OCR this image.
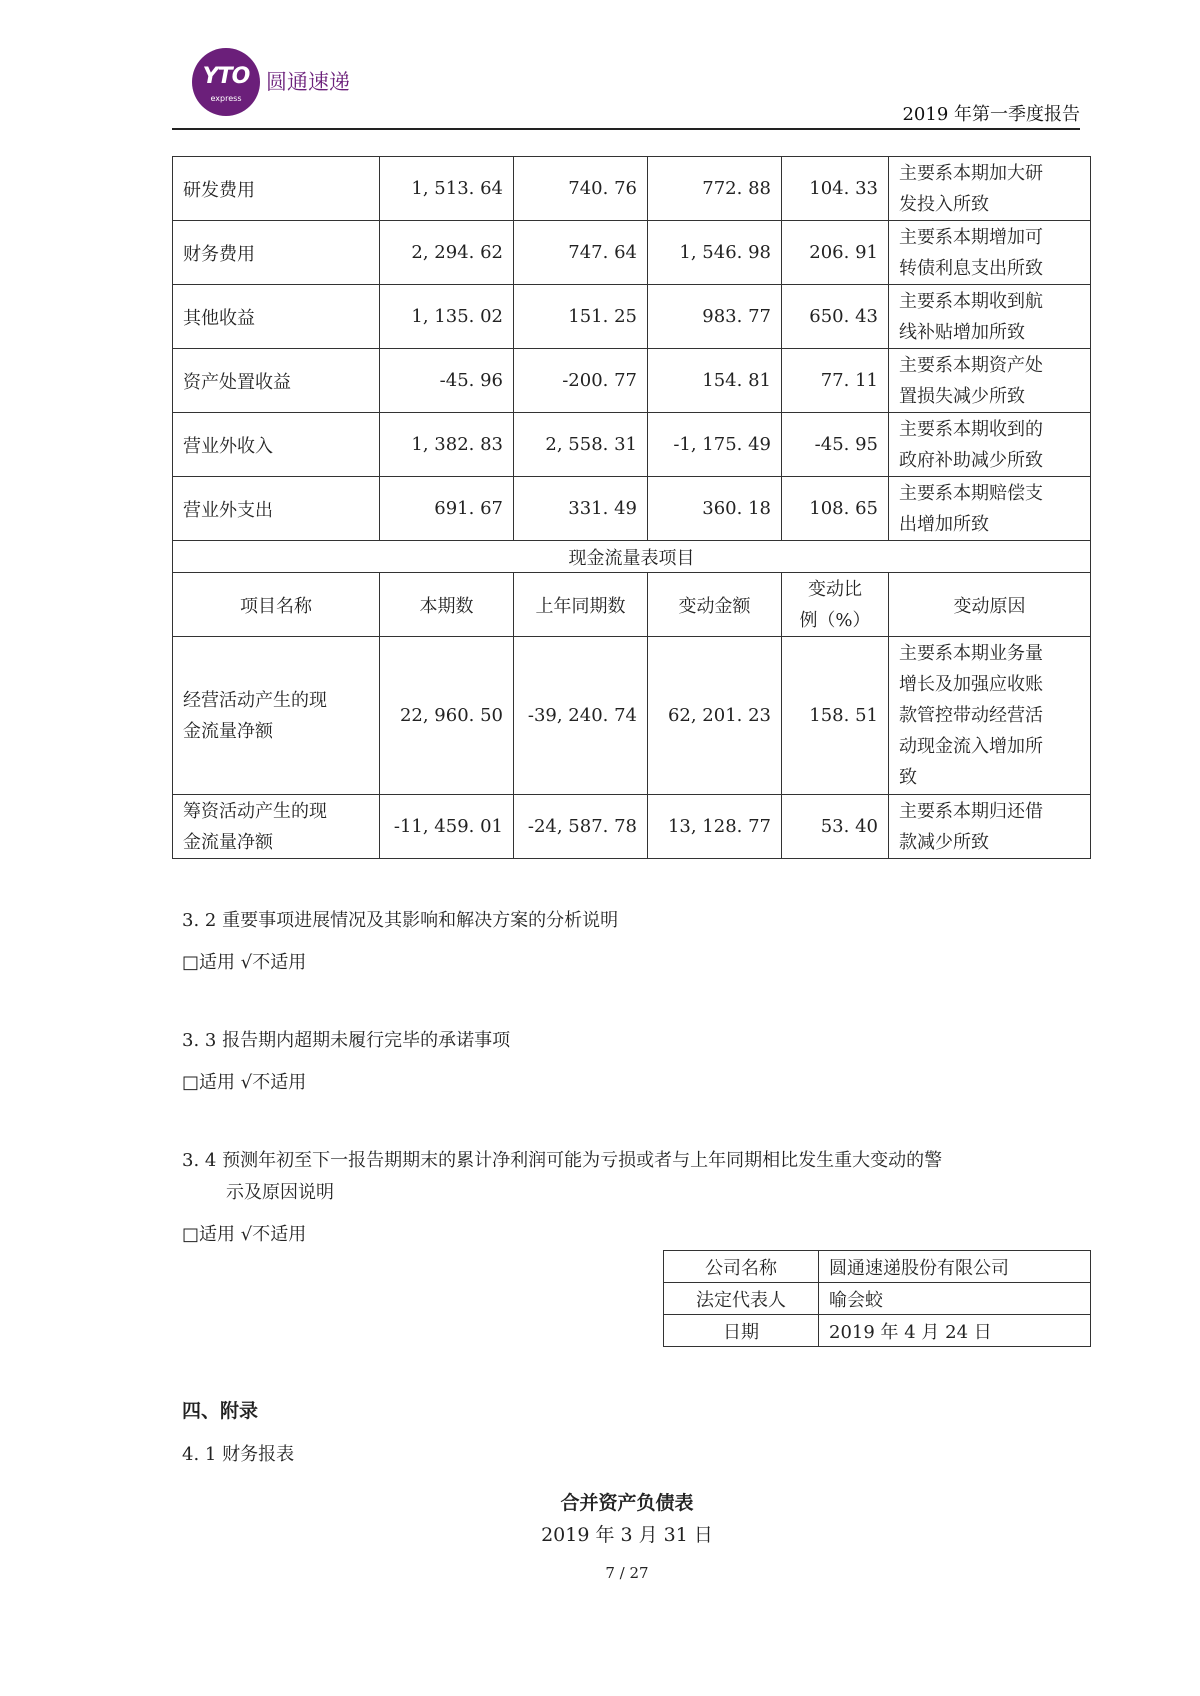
YTO
express
圆通速递
2019 年第一季度报告
研发费用	1, 513. 64	740. 76	772. 88	104. 33	主要系本期加大研
发投入所致
财务费用	2, 294. 62	747. 64	1, 546. 98	206. 91	主要系本期增加可
转债利息支出所致
其他收益	1, 135. 02	151. 25	983. 77	650. 43	主要系本期收到航
线补贴增加所致
资产处置收益	-45. 96	-200. 77	154. 81	77. 11	主要系本期资产处
置损失减少所致
营业外收入	1, 382. 83	2, 558. 31	-1, 175. 49	-45. 95	主要系本期收到的
政府补助减少所致
营业外支出	691. 67	331. 49	360. 18	108. 65	主要系本期赔偿支
出增加所致
现金流量表项目					
项目名称	本期数	上年同期数	变动金额	变动比
例（%）	变动原因
经营活动产生的现
金流量净额	22, 960. 50	-39, 240. 74	62, 201. 23	158. 51	主要系本期业务量
增长及加强应收账
款管控带动经营活
动现金流入增加所
致
筹资活动产生的现
金流量净额	-11, 459. 01	-24, 587. 78	13, 128. 77	53. 40	主要系本期归还借
款减少所致
3. 2 重要事项进展情况及其影响和解决方案的分析说明
□适用 √不适用
3. 3 报告期内超期未履行完毕的承诺事项
□适用 √不适用
3. 4 预测年初至下一报告期期末的累计净利润可能为亏损或者与上年同期相比发生重大变动的警
示及原因说明
□适用 √不适用
公司名称	圆通速递股份有限公司
法定代表人	喻会蛟
日期	2019 年 4 月 24 日
四、附录
4. 1 财务报表
合并资产负债表
2019 年 3 月 31 日
7 / 27
